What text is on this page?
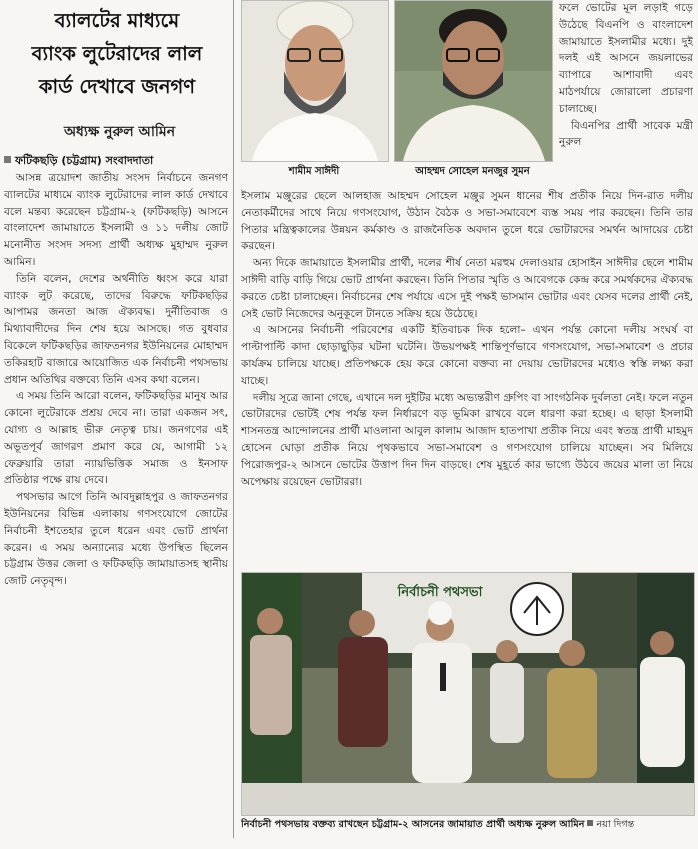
ব্যালটের মাধ্যমে
ব্যাংক লুটেরাদের লাল
কার্ড দেখাবে জনগণ
অধ্যক্ষ নুরুল আমিন
ফটিকছড়ি (চট্টগ্রাম) সংবাদদাতা

আসন্ন ত্রয়োদশ জাতীয় সংসদ নির্বাচনে জনগণ ব্যালটের মাধ্যমে ব্যাংক লুটেরাদের লাল কার্ড দেখাবে বলে মন্তব্য করেছেন চট্টগ্রাম-২ (ফটিকছড়ি) আসনে বাংলাদেশ জামায়াতে ইসলামী ও ১১ দলীয় জোট মনোনীত সংসদ সদস্য প্রার্থী অধ্যক্ষ মুহাম্মদ নুরুল আমিন।

তিনি বলেন, দেশের অর্থনীতি ধ্বংস করে যারা ব্যাংক লুট করেছে, তাদের বিরুদ্ধে ফটিকছড়ির আপামর জনতা আজ ঐক্যবদ্ধ। দুর্নীতিবাজ ও মিথ্যাবাদীদের দিন শেষ হয়ে আসছে। গত বুধবার বিকেলে ফটিকছড়ির জাফতনগর ইউনিয়নের মোহাম্মদ তকিরহাট বাজারে আয়োজিত এক নির্বাচনী পথসভায় প্রধান অতিথির বক্তব্যে তিনি এসব কথা বলেন।

এ সময় তিনি আরো বলেন, ফটিকছড়ির মানুষ আর কোনো লুটেরাকে প্রশ্রয় দেবে না। তারা একজন সৎ, যোগ্য ও আল্লাহ ভীরু নেতৃত্ব চায়। জনগণের এই অভূতপূর্ব জাগরণ প্রমাণ করে যে, আগামী ১২ ফেব্রুয়ারি তারা ন্যায়ভিত্তিক সমাজ ও ইনসাফ প্রতিষ্ঠার পক্ষে রায় দেবে।

পথসভার আগে তিনি আবদুল্লাহপুর ও জাফতনগর ইউনিয়নের বিভিন্ন এলাকায় গণসংযোগে জোটের নির্বাচনী ইশতেহার তুলে ধরেন এবং ভোট প্রার্থনা করেন। এ সময় অন্যান্যের মধ্যে উপস্থিত ছিলেন চট্টগ্রাম উত্তর জেলা ও ফটিকছড়ি জামায়াতসহ স্থানীয় জোট নেতৃবৃন্দ।

শামীম সাঈদী	আহম্মদ সোহেল মনজুর সুমন

ফলে ভোটের মূল লড়াই গড়ে উঠেছে বিএনপি ও বাংলাদেশ জামায়াতে ইসলামীর মধ্যে। দুই দলই এই আসনে জয়লাভের ব্যাপারে আশাবাদী এবং মাঠপর্যায়ে জোরালো প্রচারণা চালাচ্ছে।

বিএনপির প্রার্থী সাবেক মন্ত্রী নুরুল

ইসলাম মঞ্জুরের ছেলে আলহাজ আহম্মদ সোহেল মঞ্জুর সুমন ধানের শীষ প্রতীক নিয়ে দিন-রাত দলীয় নেতাকর্মীদের সাথে নিয়ে গণসংযোগ, উঠান বৈঠক ও সভা-সমাবেশে ব্যস্ত সময় পার করছেন। তিনি তার পিতার মন্ত্রিত্বকালের উন্নয়ন কর্মকাণ্ড ও রাজনৈতিক অবদান তুলে ধরে ভোটারদের সমর্থন আদায়ের চেষ্টা করছেন।

অন্য দিকে জামায়াতে ইসলামীর প্রার্থী, দলের শীর্ষ নেতা মরহুম দেলাওয়ার হোসাইন সাঈদীর ছেলে শামীম সাঈদী বাড়ি বাড়ি গিয়ে ভোট প্রার্থনা করছেন। তিনি পিতার স্মৃতি ও আবেগকে কেন্দ্র করে সমর্থকদের ঐক্যবদ্ধ করতে চেষ্টা চালাচ্ছেন। নির্বাচনের শেষ পর্যায়ে এসে দুই পক্ষই ভাসমান ভোটার এবং যেসব দলের প্রার্থী নেই, সেই ভোট নিজেদের অনুকূলে টানতে সক্রিয় হয়ে উঠেছে।

এ আসনের নির্বাচনী পরিবেশের একটি ইতিবাচক দিক হলো– এখন পর্যন্ত কোনো দলীয় সংঘর্ষ বা পাল্টাপাল্টি কাদা ছোড়াছুড়ির ঘটনা ঘটেনি। উভয়পক্ষই শান্তিপূর্ণভাবে গণসংযোগ, সভা-সমাবেশ ও প্রচার কার্যক্রম চালিয়ে যাচ্ছে। প্রতিপক্ষকে হেয় করে কোনো বক্তব্য না দেয়ায় ভোটারদের মধ্যেও স্বস্তি লক্ষ্য করা যাচ্ছে।

দলীয় সূত্রে জানা গেছে, এখানে দল দুইটির মধ্যে অভ্যন্তরীণ গ্রুপিং বা সাংগঠনিক দুর্বলতা নেই। ফলে নতুন ভোটারদের ভোটই শেষ পর্যন্ত ফল নির্ধারণে বড় ভূমিকা রাখবে বলে ধারণা করা হচ্ছে। এ ছাড়া ইসলামী শাসনতন্ত্র আন্দোলনের প্রার্থী মাওলানা আবুল কালাম আজাদ হাতপাখা প্রতীক নিয়ে এবং স্বতন্ত্র প্রার্থী মাহমুদ হোসেন ঘোড়া প্রতীক নিয়ে পৃথকভাবে সভা-সমাবেশ ও গণসংযোগ চালিয়ে যাচ্ছেন। সব মিলিয়ে পিরোজপুর-২ আসনে ভোটের উত্তাপ দিন দিন বাড়ছে। শেষ মুহূর্তে কার ভাগ্যে উঠবে জয়ের মালা তা নিয়ে অপেক্ষায় রয়েছেন ভোটাররা।

নির্বাচনী পথসভা
নির্বাচনী পথসভায় বক্তব্য রাখছেন চট্টগ্রাম-২ আসনের জামায়াত প্রার্থী অধ্যক্ষ নুরুল আমিন নয়া দিগন্ত
